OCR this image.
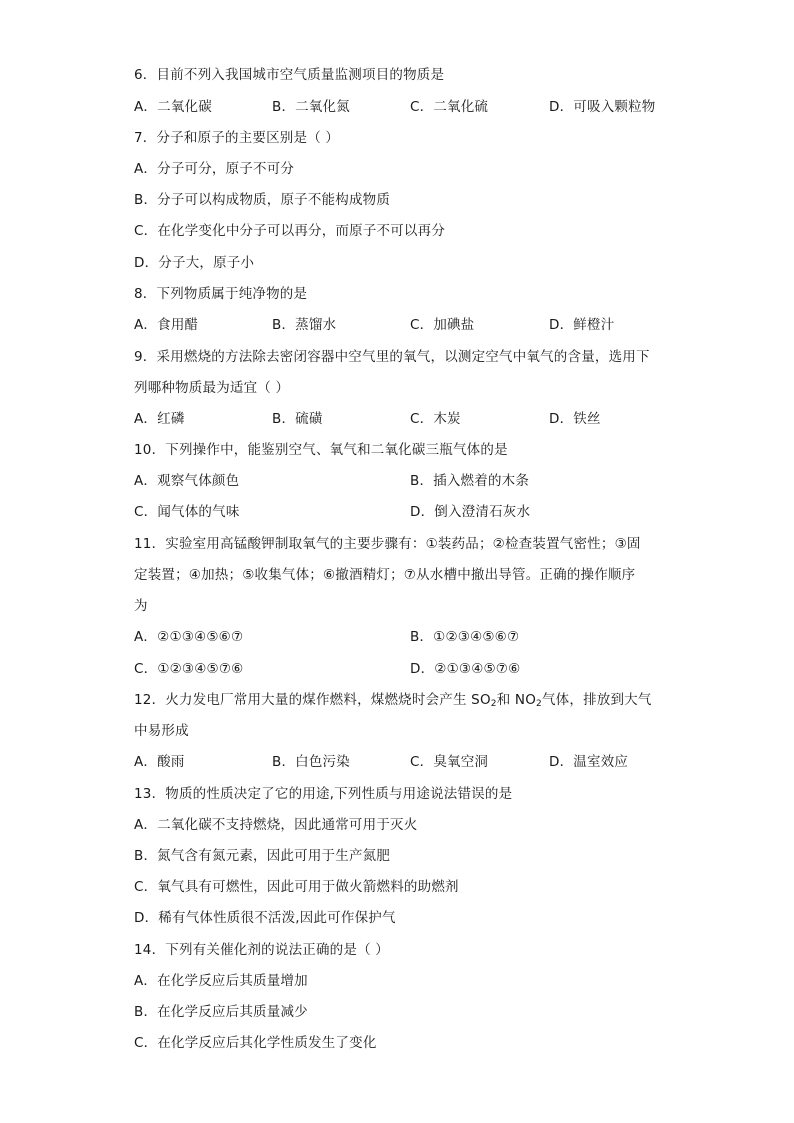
6．目前不列入我国城市空气质量监测项目的物质是
A．二氧化碳	B．二氧化氮	C．二氧化硫	D．可吸入颗粒物
7．分子和原子的主要区别是（ ）
A．分子可分，原子不可分
B．分子可以构成物质，原子不能构成物质
C．在化学变化中分子可以再分，而原子不可以再分
D．分子大，原子小
8．下列物质属于纯净物的是
A．食用醋	B．蒸馏水	C．加碘盐	D．鲜橙汁
9．采用燃烧的方法除去密闭容器中空气里的氧气，以测定空气中氧气的含量，选用下
列哪种物质最为适宜（ ）
A．红磷	B．硫磺	C．木炭	D．铁丝
10．下列操作中，能鉴别空气、氧气和二氧化碳三瓶气体的是
A．观察气体颜色	B．插入燃着的木条
C．闻气体的气味	D．倒入澄清石灰水
11．实验室用高锰酸钾制取氧气的主要步骤有：①装药品；②检查装置气密性；③固
定装置；④加热；⑤收集气体；⑥撤酒精灯；⑦从水槽中撤出导管。正确的操作顺序
为
A．②①③④⑤⑥⑦	B．①②③④⑤⑥⑦
C．①②③④⑤⑦⑥	D．②①③④⑤⑦⑥
12．火力发电厂常用大量的煤作燃料，煤燃烧时会产生 $SO_2$和 $NO_2$气体，排放到大气
中易形成
A．酸雨	B．白色污染	C．臭氧空洞	D．温室效应
13．物质的性质决定了它的用途,下列性质与用途说法错误的是
A．二氧化碳不支持燃烧，因此通常可用于灭火
B．氮气含有氮元素，因此可用于生产氮肥
C．氧气具有可燃性，因此可用于做火箭燃料的助燃剂
D．稀有气体性质很不活泼,因此可作保护气
14．下列有关催化剂的说法正确的是（ ）
A．在化学反应后其质量增加
B．在化学反应后其质量减少
C．在化学反应后其化学性质发生了变化
